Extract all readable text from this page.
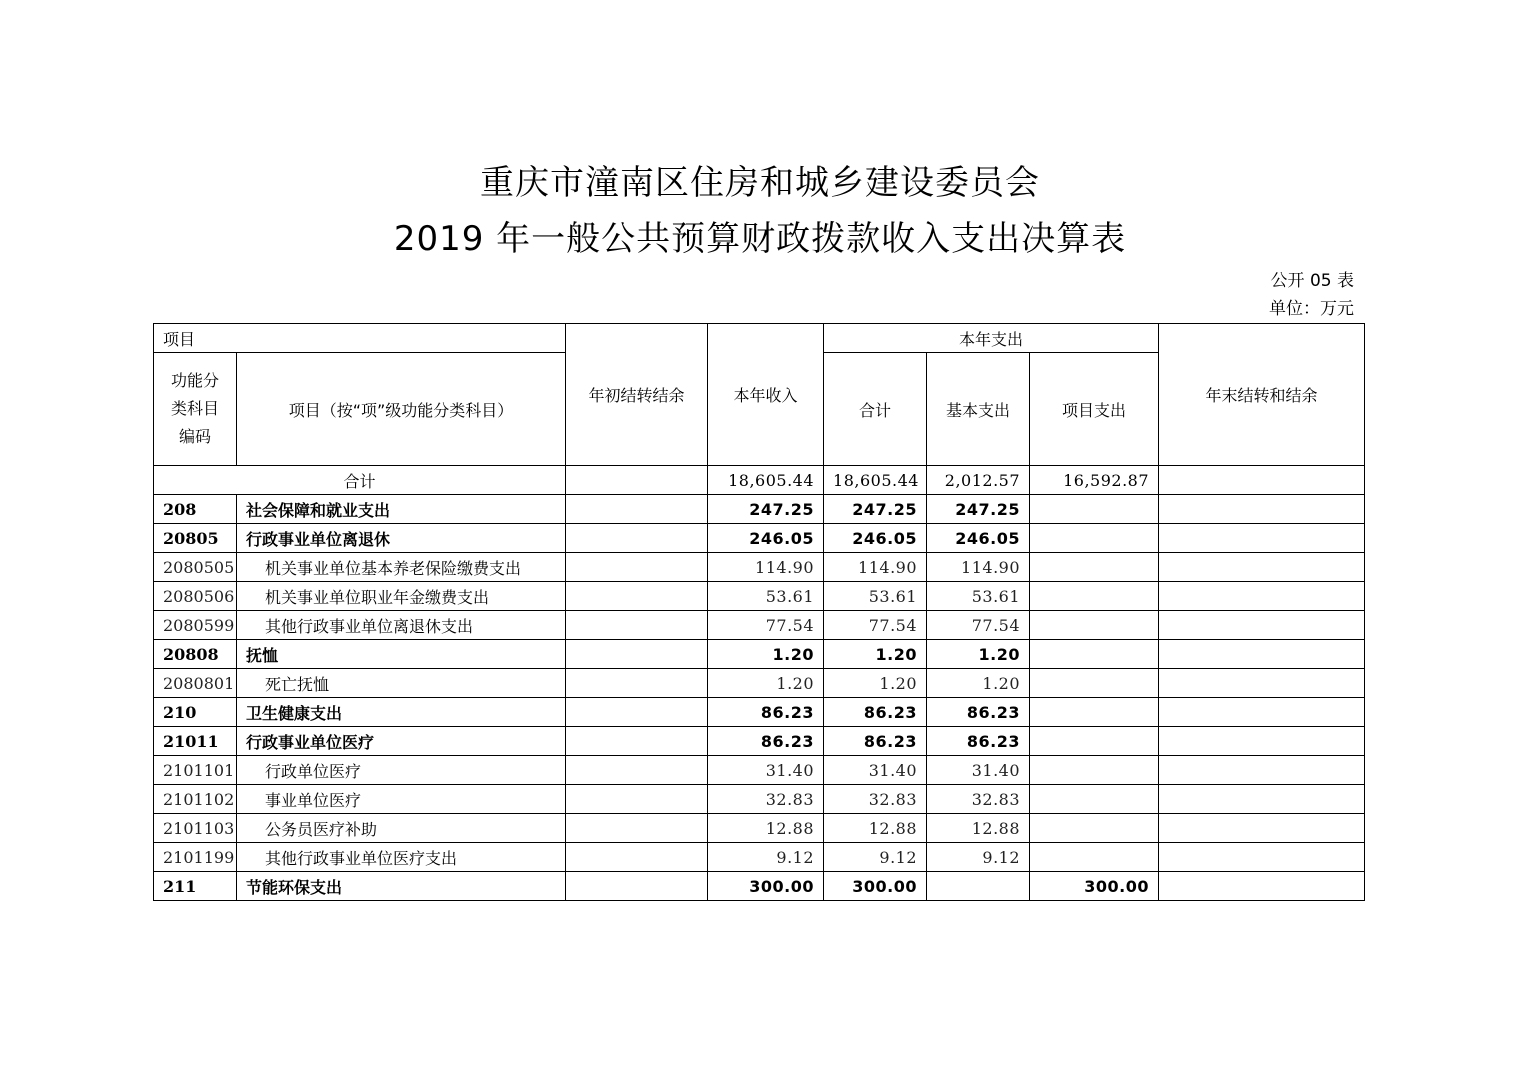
重庆市潼南区住房和城乡建设委员会
2019 年一般公共预算财政拨款收入支出决算表
公开 05 表
单位：万元
项目		年初结转结余	本年收入	本年支出			年末结转和结余

功能分
类科目
编码	项目（按“项”级功能分类科目）			合计	基本支出	项目支出	
合计			18,605.44	18,605.44	2,012.57	16,592.87	
208	社会保障和就业支出		247.25	247.25	247.25		
20805	行政事业单位离退休		246.05	246.05	246.05		
2080505	机关事业单位基本养老保险缴费支出		114.90	114.90	114.90		
2080506	机关事业单位职业年金缴费支出		53.61	53.61	53.61		
2080599	其他行政事业单位离退休支出		77.54	77.54	77.54		
20808	抚恤		1.20	1.20	1.20		
2080801	死亡抚恤		1.20	1.20	1.20		
210	卫生健康支出		86.23	86.23	86.23		
21011	行政事业单位医疗		86.23	86.23	86.23		
2101101	行政单位医疗		31.40	31.40	31.40		
2101102	事业单位医疗		32.83	32.83	32.83		
2101103	公务员医疗补助		12.88	12.88	12.88		
2101199	其他行政事业单位医疗支出		9.12	9.12	9.12		
211	节能环保支出		300.00	300.00		300.00	
